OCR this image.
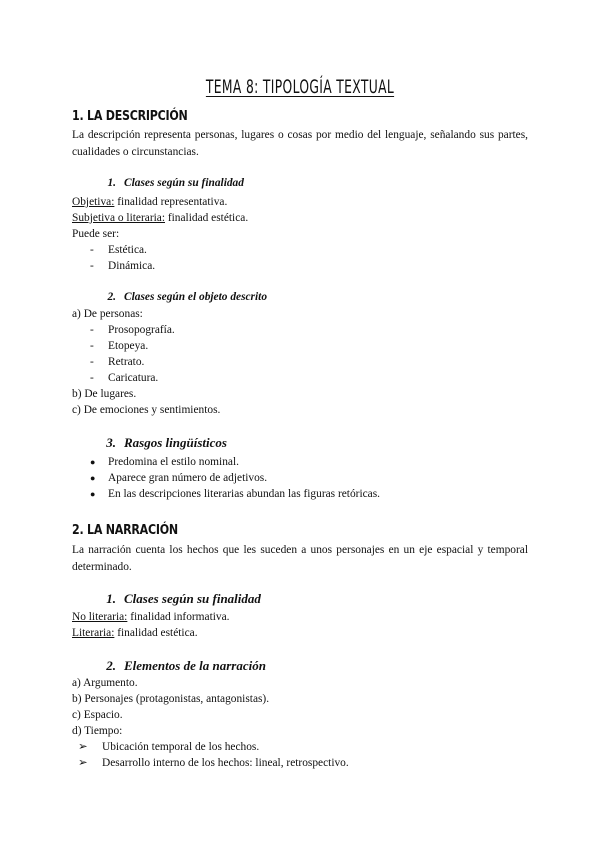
TEMA 8: TIPOLOGÍA TEXTUAL

1. LA DESCRIPCIÓN

La descripción representa personas, lugares o cosas por medio del lenguaje, señalando sus partes, cualidades o circunstancias.

1. Clases según su finalidad

Objetiva: finalidad representativa.

Subjetiva o literaria: finalidad estética.

Puede ser:

-	Estética.
-	Dinámica.

2. Clases según el objeto descrito

a) De personas:

-	Prosopografía.
-	Etopeya.
-	Retrato.
-	Caricatura.

b) De lugares.

c) De emociones y sentimientos.

3. Rasgos lingüísticos

●	Predomina el estilo nominal.
●	Aparece gran número de adjetivos.
●	En las descripciones literarias abundan las figuras retóricas.

2. LA NARRACIÓN

La narración cuenta los hechos que les suceden a unos personajes en un eje espacial y temporal determinado.

1. Clases según su finalidad

No literaria: finalidad informativa.

Literaria: finalidad estética.

2. Elementos de la narración

a) Argumento.

b) Personajes (protagonistas, antagonistas).

c) Espacio.

d) Tiempo:

➢	Ubicación temporal de los hechos.
➢	Desarrollo interno de los hechos: lineal, retrospectivo.
